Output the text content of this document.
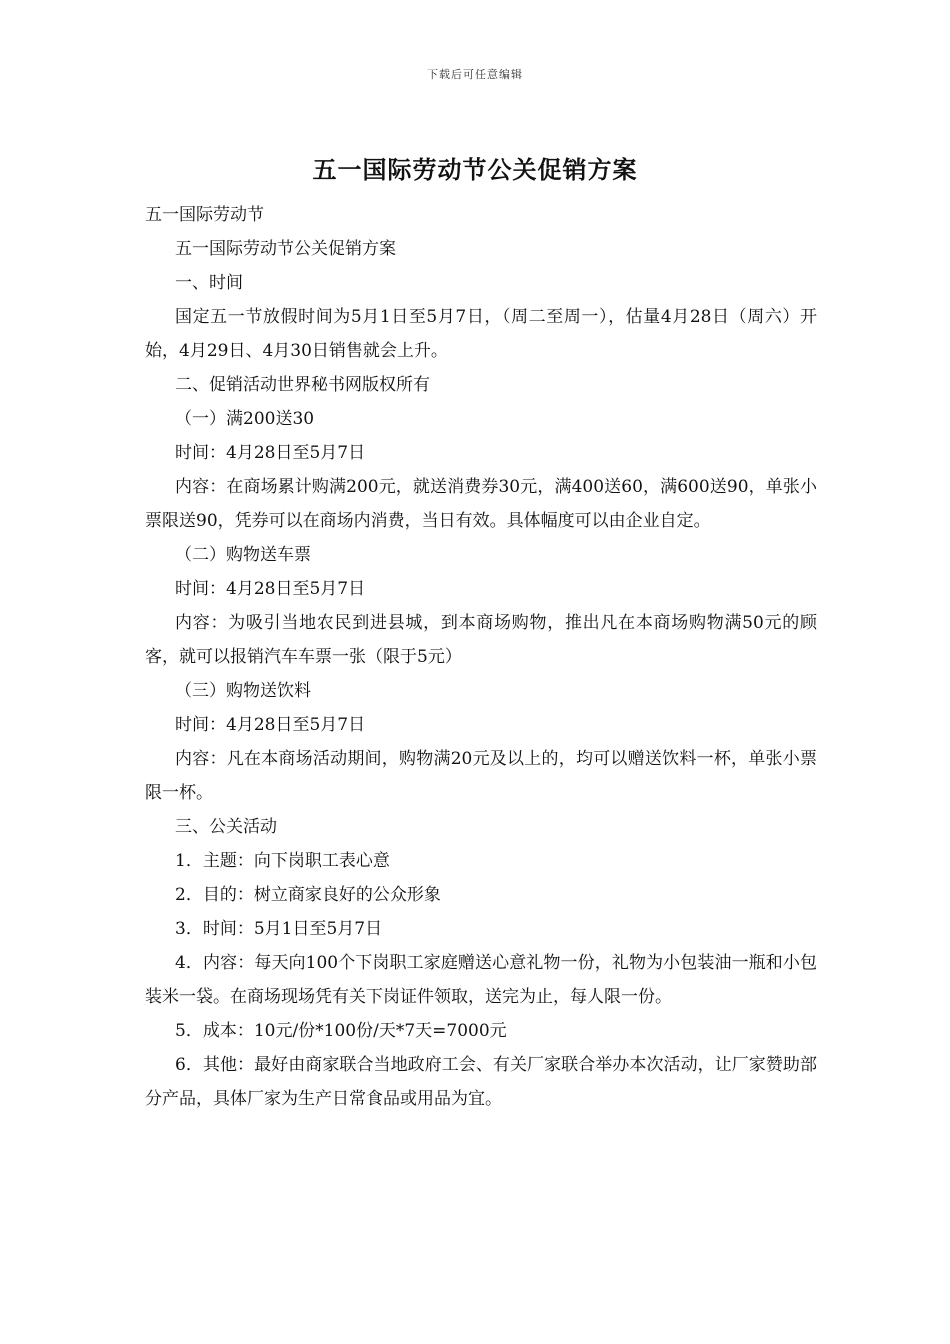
下载后可任意编辑
五一国际劳动节公关促销方案

五一国际劳动节

五一国际劳动节公关促销方案

一、时间

国定五一节放假时间为5月1日至5月7日，（周二至周一），估量4月28日（周六）开始，4月29日、4月30日销售就会上升。

二、促销活动世界秘书网版权所有

（一）满200送30

时间：4月28日至5月7日

内容：在商场累计购满200元，就送消费券30元，满400送60，满600送90，单张小票限送90，凭券可以在商场内消费，当日有效。具体幅度可以由企业自定。

（二）购物送车票

时间：4月28日至5月7日

内容：为吸引当地农民到进县城，到本商场购物，推出凡在本商场购物满50元的顾客，就可以报销汽车车票一张（限于5元）

（三）购物送饮料

时间：4月28日至5月7日

内容：凡在本商场活动期间，购物满20元及以上的，均可以赠送饮料一杯，单张小票限一杯。

三、公关活动

1．主题：向下岗职工表心意

2．目的：树立商家良好的公众形象

3．时间：5月1日至5月7日

4．内容：每天向100个下岗职工家庭赠送心意礼物一份，礼物为小包装油一瓶和小包装米一袋。在商场现场凭有关下岗证件领取，送完为止，每人限一份。

5．成本：10元/份*100份/天*7天=7000元

6．其他：最好由商家联合当地政府工会、有关厂家联合举办本次活动，让厂家赞助部分产品，具体厂家为生产日常食品或用品为宜。
